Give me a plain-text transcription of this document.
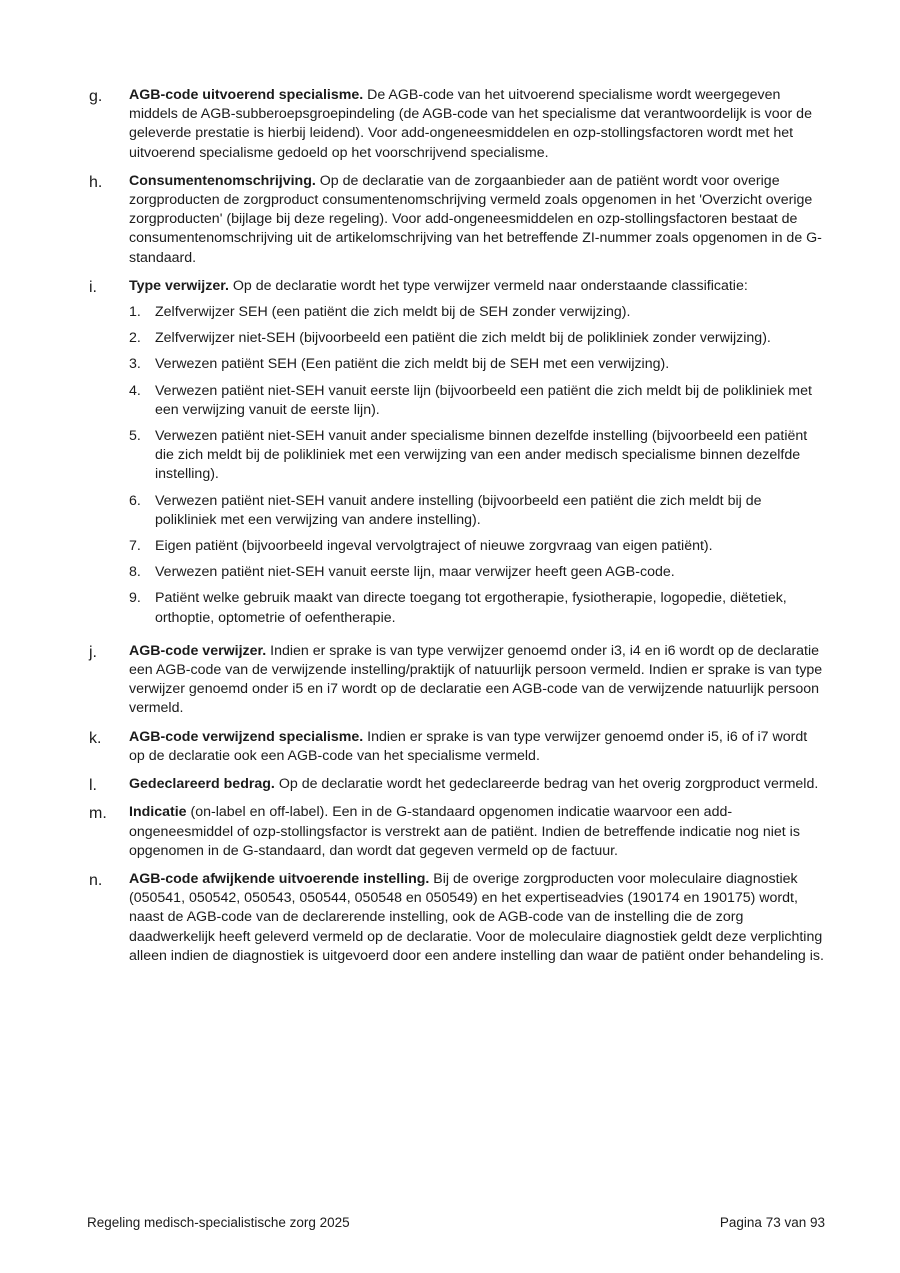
g.	AGB-code uitvoerend specialisme. De AGB-code van het uitvoerend specialisme wordt weergegeven middels de AGB-subberoepsgroepindeling (de AGB-code van het specialisme dat verantwoordelijk is voor de geleverde prestatie is hierbij leidend). Voor add-ongeneesmiddelen en ozp-stollingsfactoren wordt met het uitvoerend specialisme gedoeld op het voorschrijvend specialisme.
h.	Consumentenomschrijving. Op de declaratie van de zorgaanbieder aan de patiënt wordt voor overige zorgproducten de zorgproduct consumentenomschrijving vermeld zoals opgenomen in het 'Overzicht overige zorgproducten' (bijlage bij deze regeling). Voor add-ongeneesmiddelen en ozp-stollingsfactoren bestaat de consumentenomschrijving uit de artikelomschrijving van het betreffende ZI-nummer zoals opgenomen in de G-standaard.
i.	Type verwijzer. Op de declaratie wordt het type verwijzer vermeld naar onderstaande classificatie:
1. Zelfverwijzer SEH (een patiënt die zich meldt bij de SEH zonder verwijzing).
2. Zelfverwijzer niet-SEH (bijvoorbeeld een patiënt die zich meldt bij de polikliniek zonder verwijzing).
3. Verwezen patiënt SEH (Een patiënt die zich meldt bij de SEH met een verwijzing).
4. Verwezen patiënt niet-SEH vanuit eerste lijn (bijvoorbeeld een patiënt die zich meldt bij de polikliniek met een verwijzing vanuit de eerste lijn).
5. Verwezen patiënt niet-SEH vanuit ander specialisme binnen dezelfde instelling (bijvoorbeeld een patiënt die zich meldt bij de polikliniek met een verwijzing van een ander medisch specialisme binnen dezelfde instelling).
6. Verwezen patiënt niet-SEH vanuit andere instelling (bijvoorbeeld een patiënt die zich meldt bij de polikliniek met een verwijzing van andere instelling).
7. Eigen patiënt (bijvoorbeeld ingeval vervolgtraject of nieuwe zorgvraag van eigen patiënt).
8. Verwezen patiënt niet-SEH vanuit eerste lijn, maar verwijzer heeft geen AGB-code.
9. Patiënt welke gebruik maakt van directe toegang tot ergotherapie, fysiotherapie, logopedie, diëtetiek, orthoptie, optometrie of oefentherapie.
j.	AGB-code verwijzer. Indien er sprake is van type verwijzer genoemd onder i3, i4 en i6 wordt op de declaratie een AGB-code van de verwijzende instelling/praktijk of natuurlijk persoon vermeld. Indien er sprake is van type verwijzer genoemd onder i5 en i7 wordt op de declaratie een AGB-code van de verwijzende natuurlijk persoon vermeld.
k.	AGB-code verwijzend specialisme. Indien er sprake is van type verwijzer genoemd onder i5, i6 of i7 wordt op de declaratie ook een AGB-code van het specialisme vermeld.
l.	Gedeclareerd bedrag. Op de declaratie wordt het gedeclareerde bedrag van het overig zorgproduct vermeld.
m.	Indicatie (on-label en off-label). Een in de G-standaard opgenomen indicatie waarvoor een add-ongeneesmiddel of ozp-stollingsfactor is verstrekt aan de patiënt. Indien de betreffende indicatie nog niet is opgenomen in de G-standaard, dan wordt dat gegeven vermeld op de factuur.
n.	AGB-code afwijkende uitvoerende instelling. Bij de overige zorgproducten voor moleculaire diagnostiek (050541, 050542, 050543, 050544, 050548 en 050549) en het expertiseadvies (190174 en 190175) wordt, naast de AGB-code van de declarerende instelling, ook de AGB-code van de instelling die de zorg daadwerkelijk heeft geleverd vermeld op de declaratie. Voor de moleculaire diagnostiek geldt deze verplichting alleen indien de diagnostiek is uitgevoerd door een andere instelling dan waar de patiënt onder behandeling is.
Regeling medisch-specialistische zorg 2025	Pagina 73 van 93
